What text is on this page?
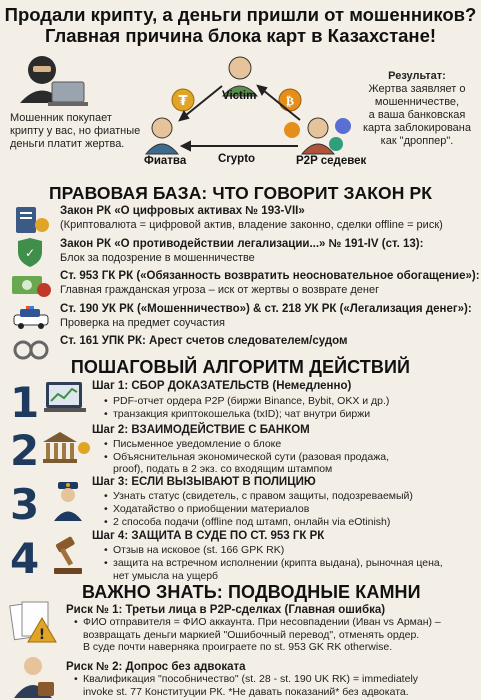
Продали крипту, а деньги пришли от мошенников?
Главная причина блока карт в Казахстане!
₮	₿
Мошенник покупает
крипту у вас, но фиатные
деньги платит жертва.
Victim
Фиатва	P2P седевек
Crypto
Результат:
Жертва заявляет о
мошенничестве,
а ваша банковская
карта заблокирована
как "дроппер".
ПРАВОВАЯ БАЗА: ЧТО ГОВОРИТ ЗАКОН РК
Закон РК «О цифровых активах № 193-VII»
(Криптовалюта = цифровой актив, владение законно, сделки offline = риск)
✓
Закон РК «О противодействии легализации...» № 191-IV (ст. 13):
Блок за подозрение в мошенничестве
Ст. 953 ГК РК («Обязанность возвратить неосновательное обогащение»):
Главная гражданская угроза – иск от жертвы о возврате денег
Ст. 190 УК РК («Мошенничество») & ст. 218 УК РК («Легализация денег»):
Проверка на предмет соучастия
Ст. 161 УПК РК: Арест счетов следователем/судом
ПОШАГОВЫЙ АЛГОРИТМ ДЕЙСТВИЙ
1	Шаг 1: СБОР ДОКАЗАТЕЛЬСТВ (Немедленно)
• PDF-отчет ордера P2P (биржи Binance, Bybit, OKX и др.)
• транзакция криптокошелька (txID); чат внутри биржи
2	Шаг 2: ВЗАИМОДЕЙСТВИЕ С БАНКОМ
• Письменное уведомление о блоке
• Объяснительная экономической сути (разовая продажа,
proof), подать в 2 экз. со входящим штампом
3	Шаг 3: ЕСЛИ ВЫЗЫВАЮТ В ПОЛИЦИЮ
• Узнать статус (свидетель, с правом защиты, подозреваемый)
• Ходатайство о приобщении материалов
• 2 способа подачи (offline под штамп, онлайн via eOtinish)
4	Шаг 4: ЗАЩИТА В СУДЕ ПО СТ. 953 ГК РК
• Отзыв на исковое (st. 166 GPK RK)
• защита на встречном исполнении (крипта выдана), рыночная цена,
нет умысла на ущерб
ВАЖНО ЗНАТЬ: ПОДВОДНЫЕ КАМНИ
!
Риск № 1: Третьи лица в P2P-сделках (Главная ошибка)
• ФИО отправителя = ФИО аккаунта. При несовпадении (Иван vs Арман) –
возвращать деньги маркией "Ошибочный перевод", отменять ордер.
В суде почти наверняка проиграете по st. 953 GK RK otherwise.
Риск № 2: Допрос без адвоката
• Квалификация "пособничество" (st. 28 - st. 190 UK RK) = immediately
invoke st. 77 Конституции РК. *Не давать показаний* без адвоката.
